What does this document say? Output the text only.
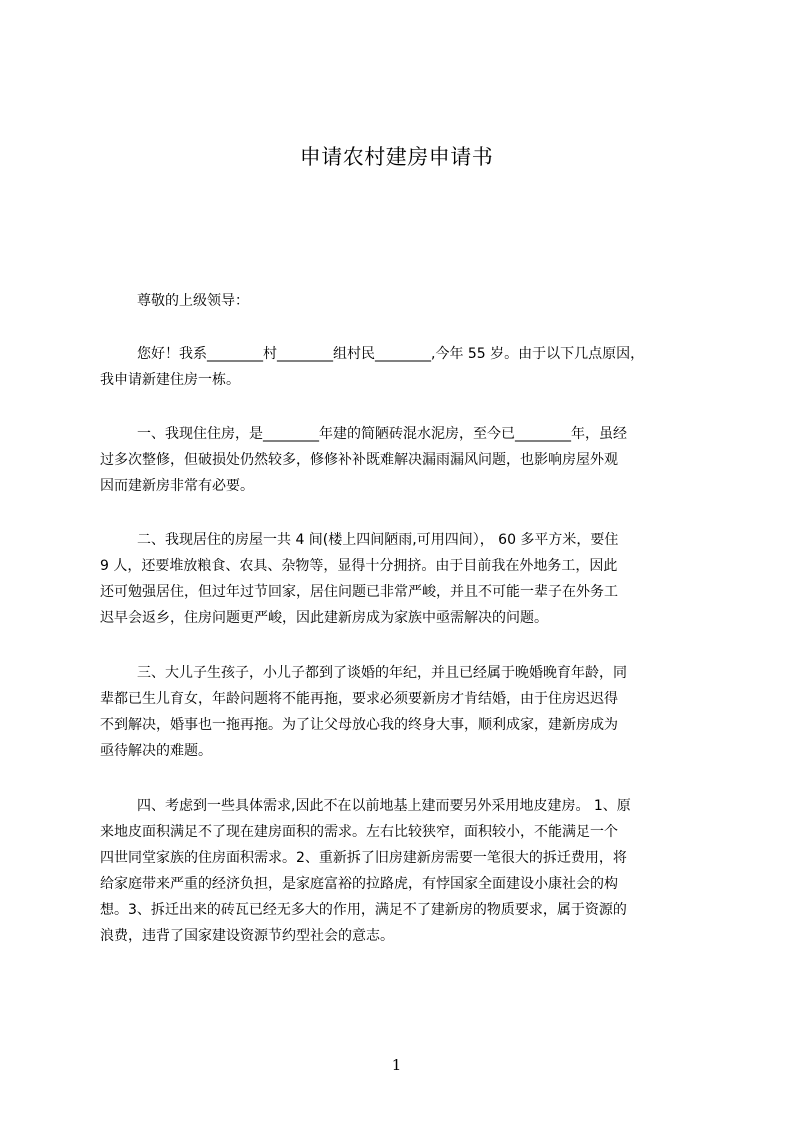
申请农村建房申请书
尊敬的上级领导：
您好！我系________村________组村民________,今年 55 岁。由于以下几点原因，
我申请新建住房一栋。
一、我现住住房，是________年建的简陋砖混水泥房，至今已________年，虽经
过多次整修，但破损处仍然较多，修修补补既难解决漏雨漏风问题，也影响房屋外观
因而建新房非常有必要。
二、我现居住的房屋一共 4 间(楼上四间陋雨,可用四间）， 60 多平方米，要住
9 人，还要堆放粮食、农具、杂物等，显得十分拥挤。由于目前我在外地务工，因此
还可勉强居住，但过年过节回家，居住问题已非常严峻，并且不可能一辈子在外务工
迟早会返乡，住房问题更严峻，因此建新房成为家族中亟需解决的问题。
三、大儿子生孩子，小儿子都到了谈婚的年纪，并且已经属于晚婚晚育年龄，同
辈都已生儿育女，年龄问题将不能再拖，要求必须要新房才肯结婚，由于住房迟迟得
不到解决，婚事也一拖再拖。为了让父母放心我的终身大事，顺利成家，建新房成为
亟待解决的难题。
四、考虑到一些具体需求,因此不在以前地基上建而要另外采用地皮建房。 1、原
来地皮面积满足不了现在建房面积的需求。左右比较狭窄，面积较小，不能满足一个
四世同堂家族的住房面积需求。2、重新拆了旧房建新房需要一笔很大的拆迁费用，将
给家庭带来严重的经济负担，是家庭富裕的拉路虎，有悖国家全面建设小康社会的构
想。3、拆迁出来的砖瓦已经无多大的作用，满足不了建新房的物质要求，属于资源的
浪费，违背了国家建设资源节约型社会的意志。
1
